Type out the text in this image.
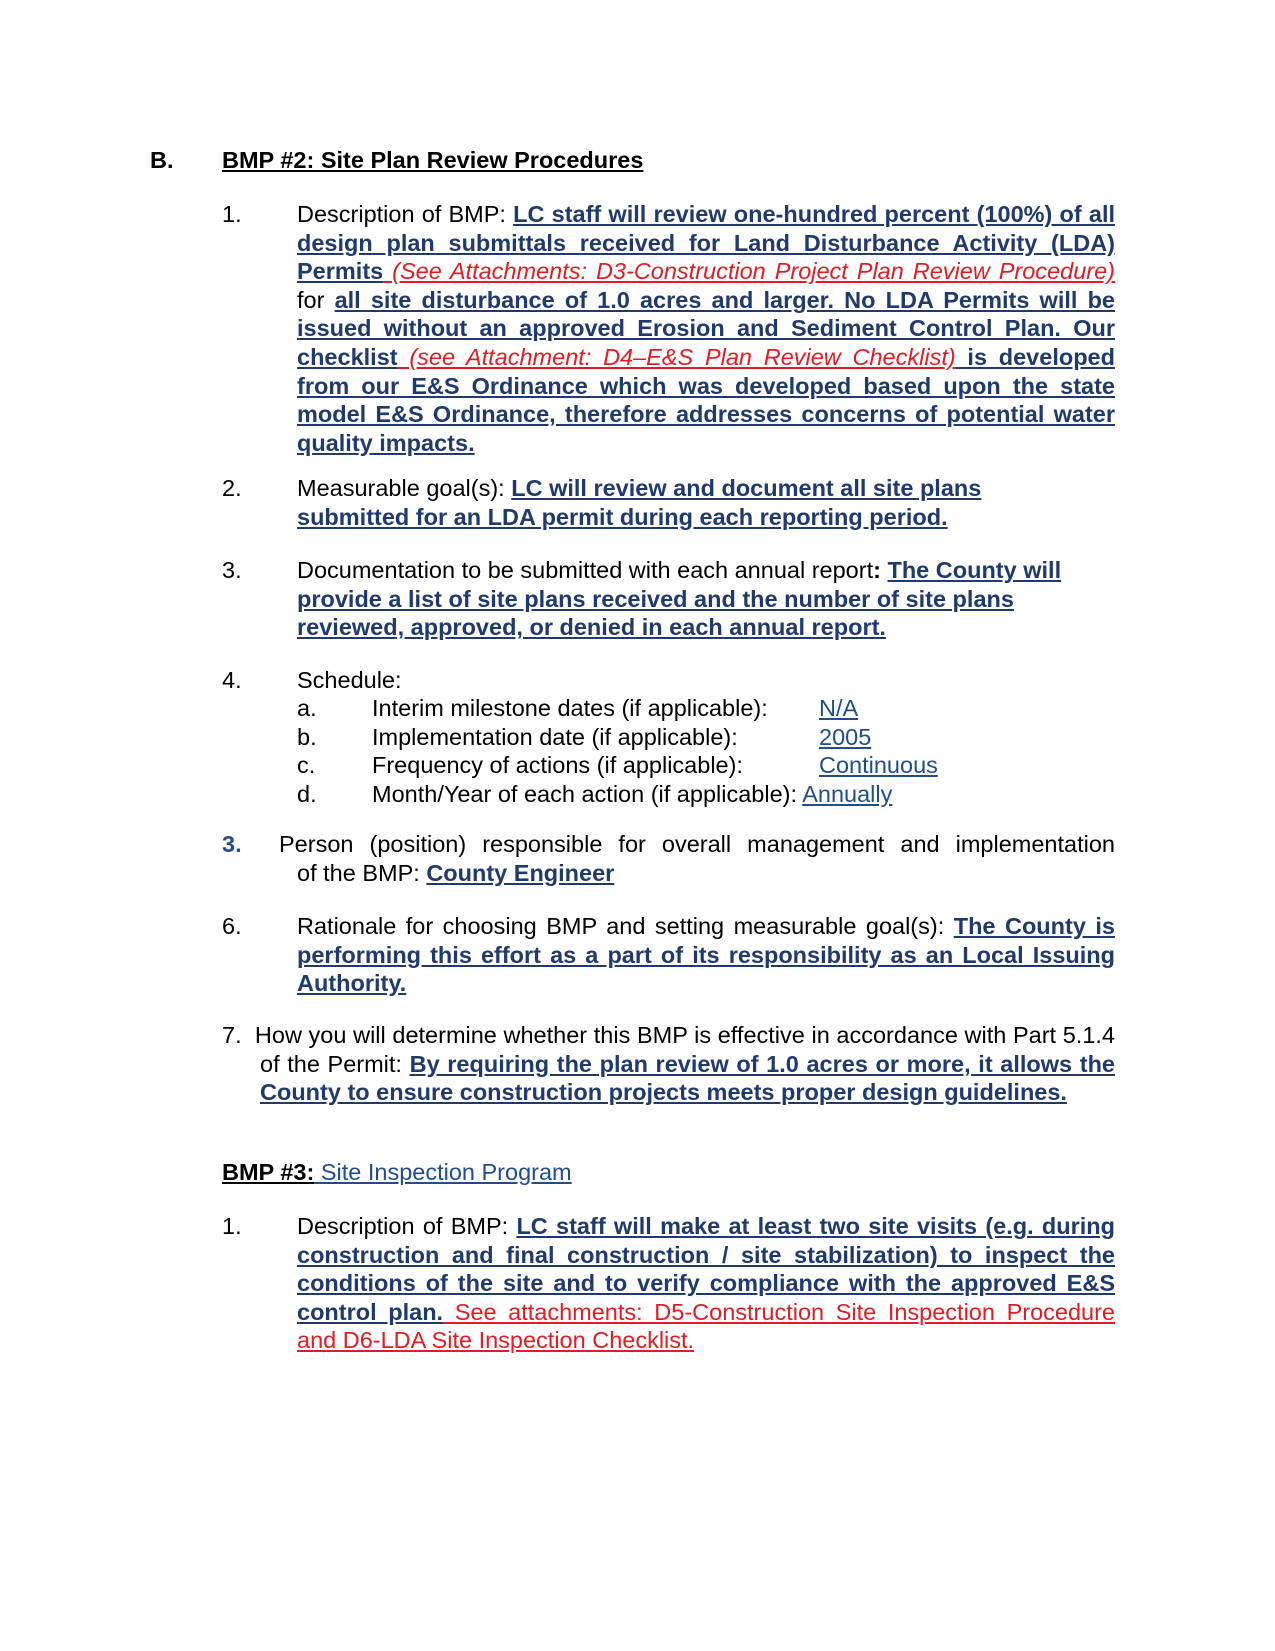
B. BMP #2: Site Plan Review Procedures
1. Description of BMP: LC staff will review one-hundred percent (100%) of all design plan submittals received for Land Disturbance Activity (LDA) Permits (See Attachments: D3-Construction Project Plan Review Procedure) for all site disturbance of 1.0 acres and larger. No LDA Permits will be issued without an approved Erosion and Sediment Control Plan. Our checklist (see Attachment: D4–E&S Plan Review Checklist) is developed from our E&S Ordinance which was developed based upon the state model E&S Ordinance, therefore addresses concerns of potential water quality impacts.
2. Measurable goal(s): LC will review and document all site plans submitted for an LDA permit during each reporting period.
3. Documentation to be submitted with each annual report: The County will provide a list of site plans received and the number of site plans reviewed, approved, or denied in each annual report.
4. Schedule:
a. Interim milestone dates (if applicable): N/A
b. Implementation date (if applicable):	2005
c. Frequency of actions (if applicable):	Continuous
d. Month/Year of each action (if applicable): Annually
3. Person (position) responsible for overall management and implementation
of the BMP: County Engineer
6. Rationale for choosing BMP and setting measurable goal(s): The County is performing this effort as a part of its responsibility as an Local Issuing Authority.
7. How you will determine whether this BMP is effective in accordance with Part 5.1.4 of the Permit: By requiring the plan review of 1.0 acres or more, it allows the County to ensure construction projects meets proper design guidelines.
BMP #3: Site Inspection Program
1. Description of BMP: LC staff will make at least two site visits (e.g. during construction and final construction / site stabilization) to inspect the conditions of the site and to verify compliance with the approved E&S control plan. See attachments: D5-Construction Site Inspection Procedure and D6-LDA Site Inspection Checklist.
